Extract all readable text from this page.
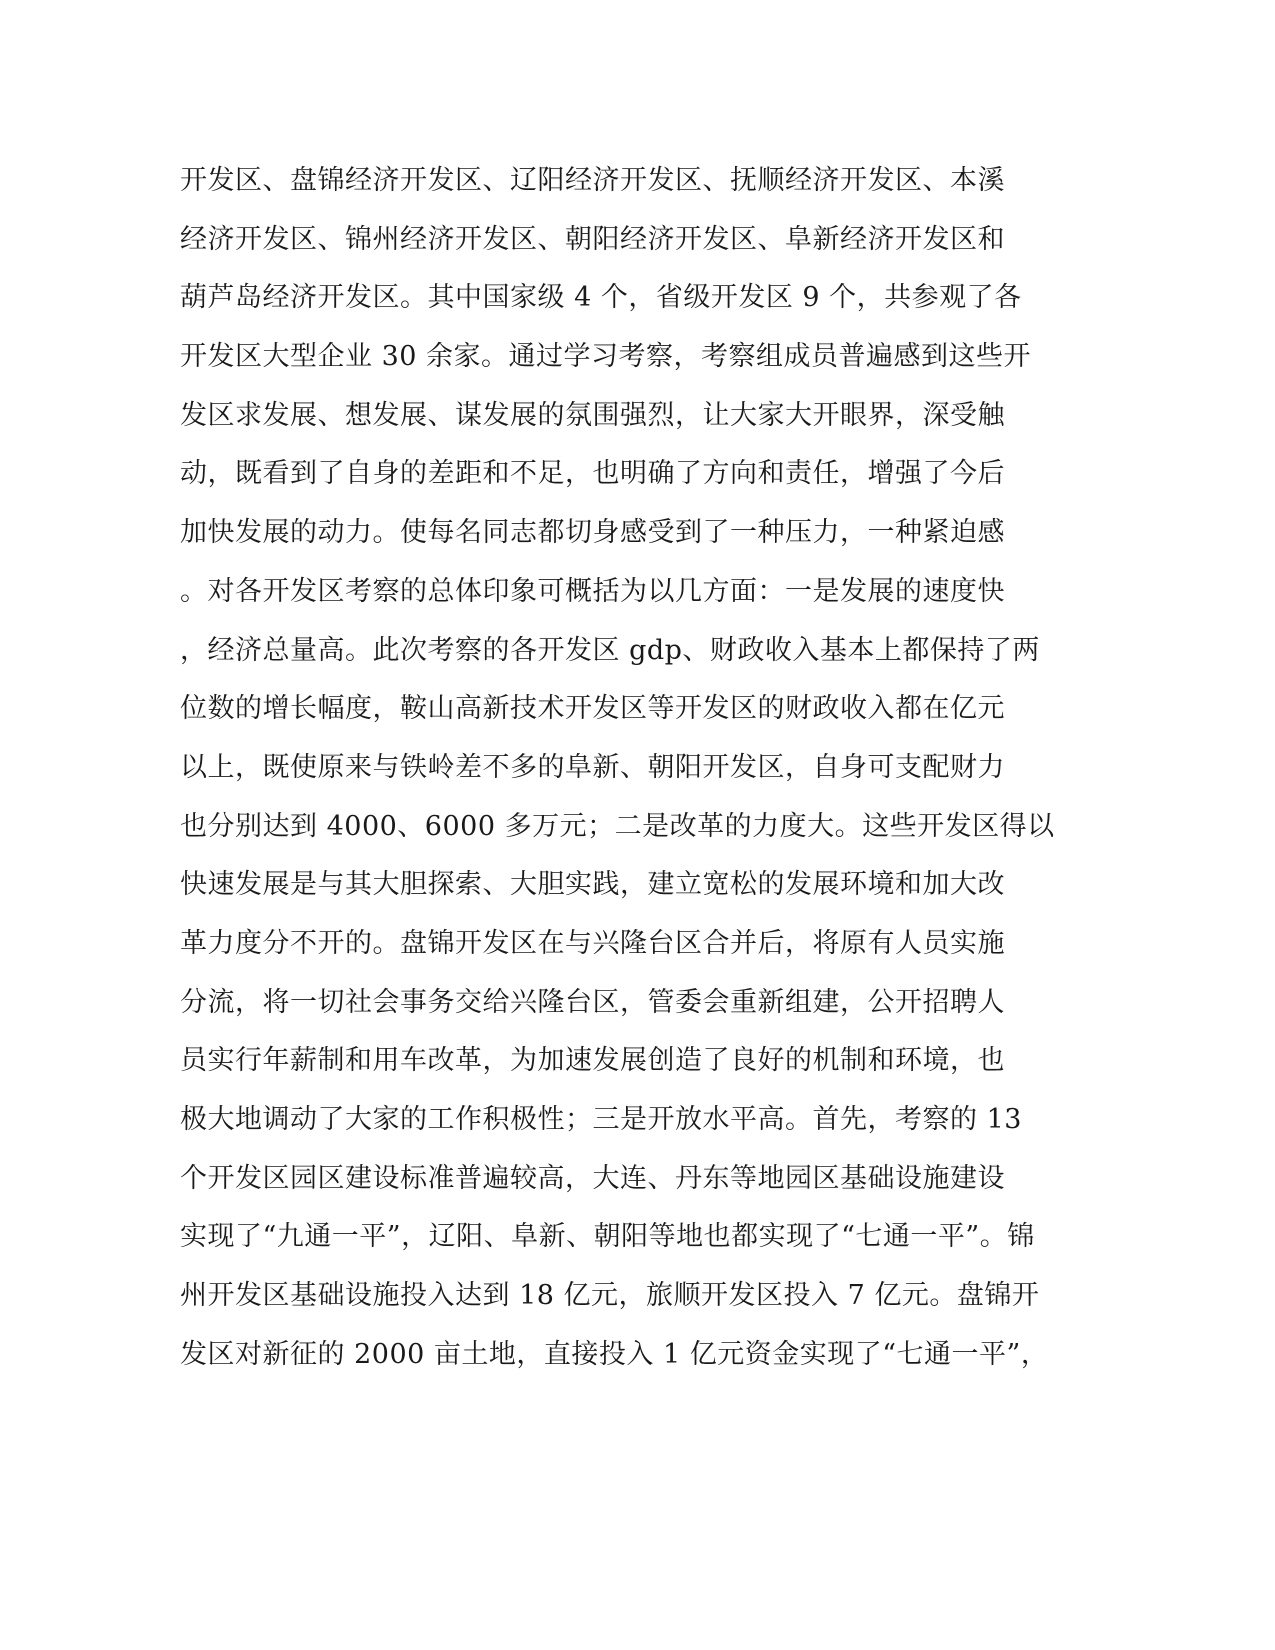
开发区、盘锦经济开发区、辽阳经济开发区、抚顺经济开发区、本溪
经济开发区、锦州经济开发区、朝阳经济开发区、阜新经济开发区和
葫芦岛经济开发区。其中国家级 4 个，省级开发区 9 个，共参观了各
开发区大型企业 30 余家。通过学习考察，考察组成员普遍感到这些开
发区求发展、想发展、谋发展的氛围强烈，让大家大开眼界，深受触
动，既看到了自身的差距和不足，也明确了方向和责任，增强了今后
加快发展的动力。使每名同志都切身感受到了一种压力，一种紧迫感
。对各开发区考察的总体印象可概括为以几方面：一是发展的速度快
，经济总量高。此次考察的各开发区 gdp、财政收入基本上都保持了两
位数的增长幅度，鞍山高新技术开发区等开发区的财政收入都在亿元
以上，既使原来与铁岭差不多的阜新、朝阳开发区，自身可支配财力
也分别达到 4000、6000 多万元；二是改革的力度大。这些开发区得以
快速发展是与其大胆探索、大胆实践，建立宽松的发展环境和加大改
革力度分不开的。盘锦开发区在与兴隆台区合并后，将原有人员实施
分流，将一切社会事务交给兴隆台区，管委会重新组建，公开招聘人
员实行年薪制和用车改革，为加速发展创造了良好的机制和环境，也
极大地调动了大家的工作积极性；三是开放水平高。首先，考察的 13
个开发区园区建设标准普遍较高，大连、丹东等地园区基础设施建设
实现了“九通一平”，辽阳、阜新、朝阳等地也都实现了“七通一平”。锦
州开发区基础设施投入达到 18 亿元，旅顺开发区投入 7 亿元。盘锦开
发区对新征的 2000 亩土地，直接投入 1 亿元资金实现了“七通一平”，
